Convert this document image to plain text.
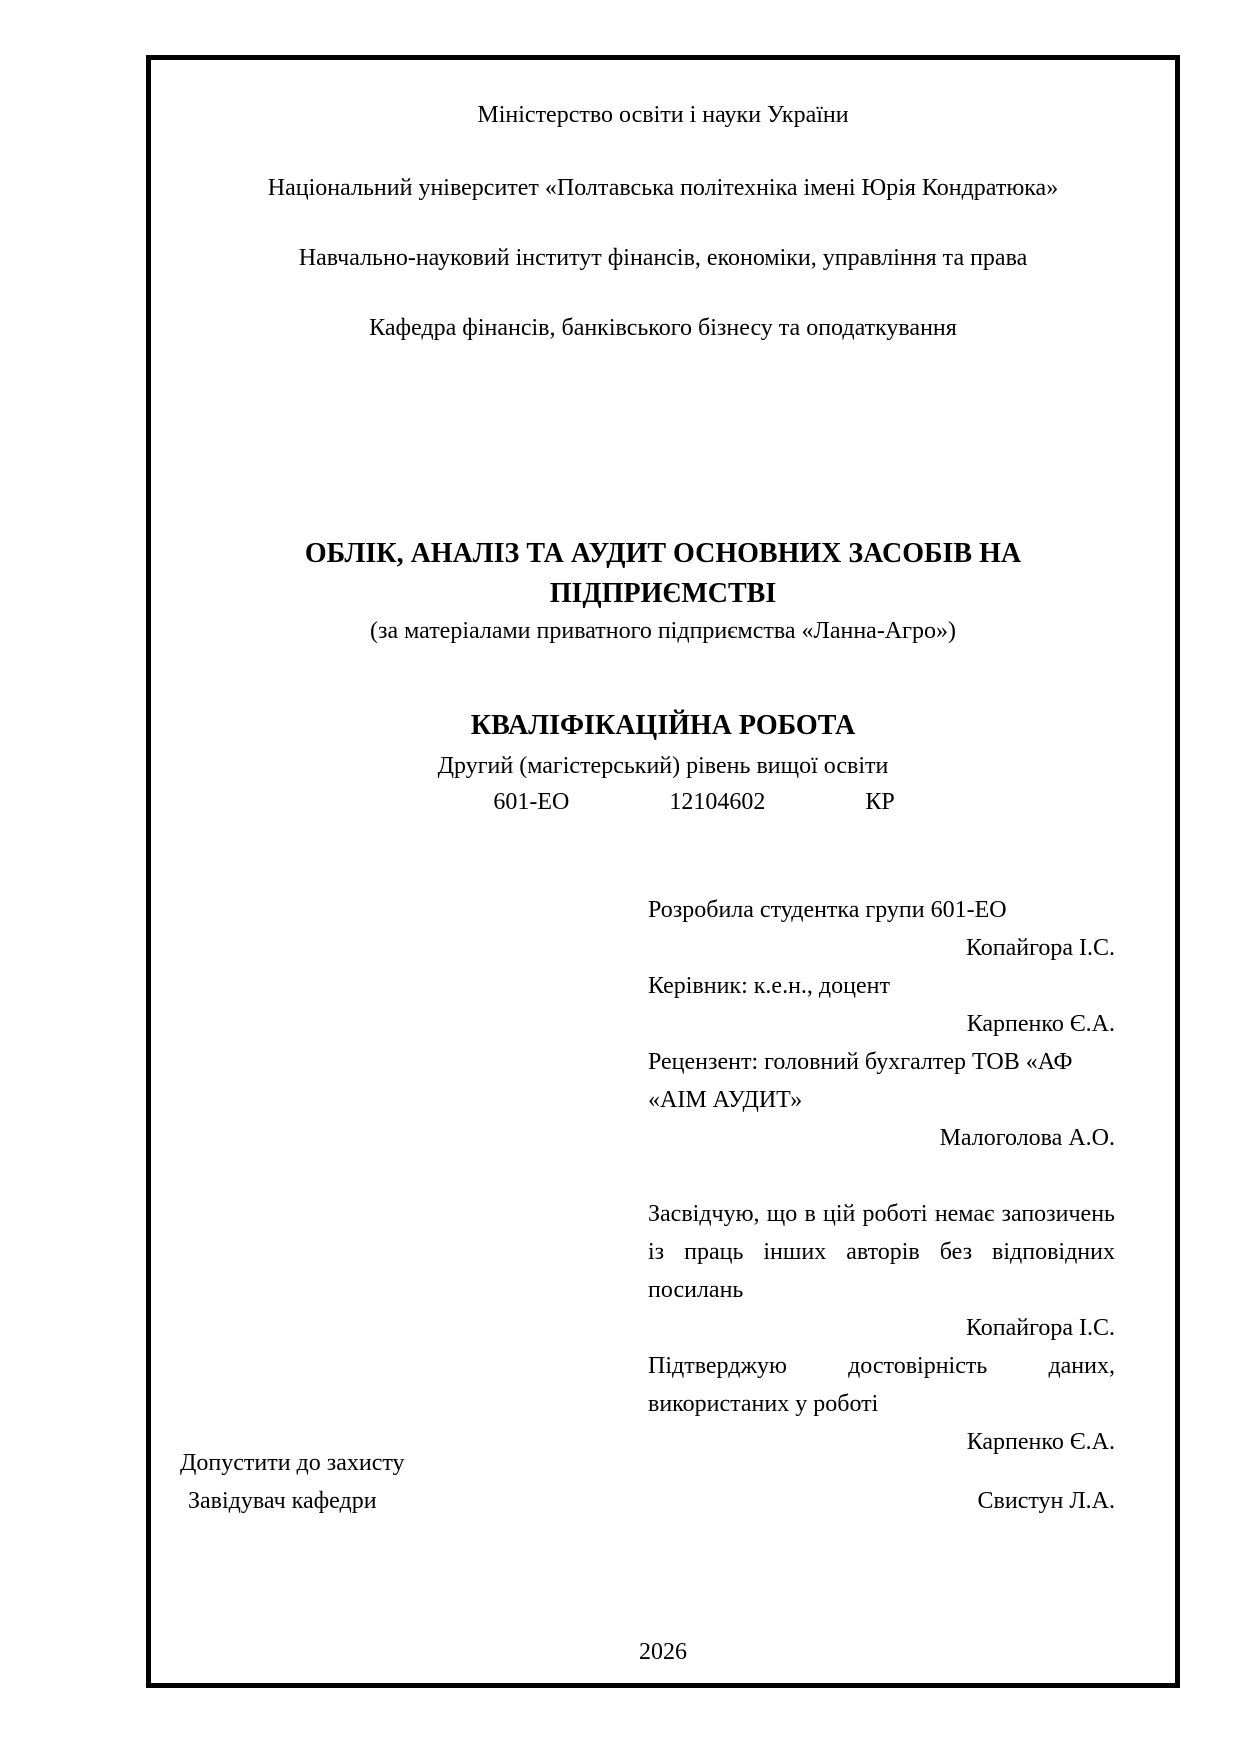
Міністерство освіти і науки України
Національний університет «Полтавська політехніка імені Юрія Кондратюка»
Навчально-науковий інститут фінансів, економіки, управління та права
Кафедра фінансів, банківського бізнесу та оподаткування
ОБЛІК, АНАЛІЗ ТА АУДИТ ОСНОВНИХ ЗАСОБІВ НА
ПІДПРИЄМСТВІ
(за матеріалами приватного підприємства «Ланна-Агро»)
КВАЛІФІКАЦІЙНА РОБОТА
Другий (магістерський) рівень вищої освіти
601-ЕО	12104602	КР
Розробила студентка групи 601-ЕО
Копайгора І.С.
Керівник: к.е.н., доцент
Карпенко Є.А.
Рецензент: головний бухгалтер ТОВ «АФ «АІМ АУДИТ»
Малоголова А.О.
Засвідчую, що в цій роботі немає запозичень із праць інших авторів без відповідних посилань
Копайгора І.С.
Підтверджую достовірність даних, використаних у роботі
Карпенко Є.А.
Допустити до захисту
Завідувач кафедри	Свистун Л.А.
2026
